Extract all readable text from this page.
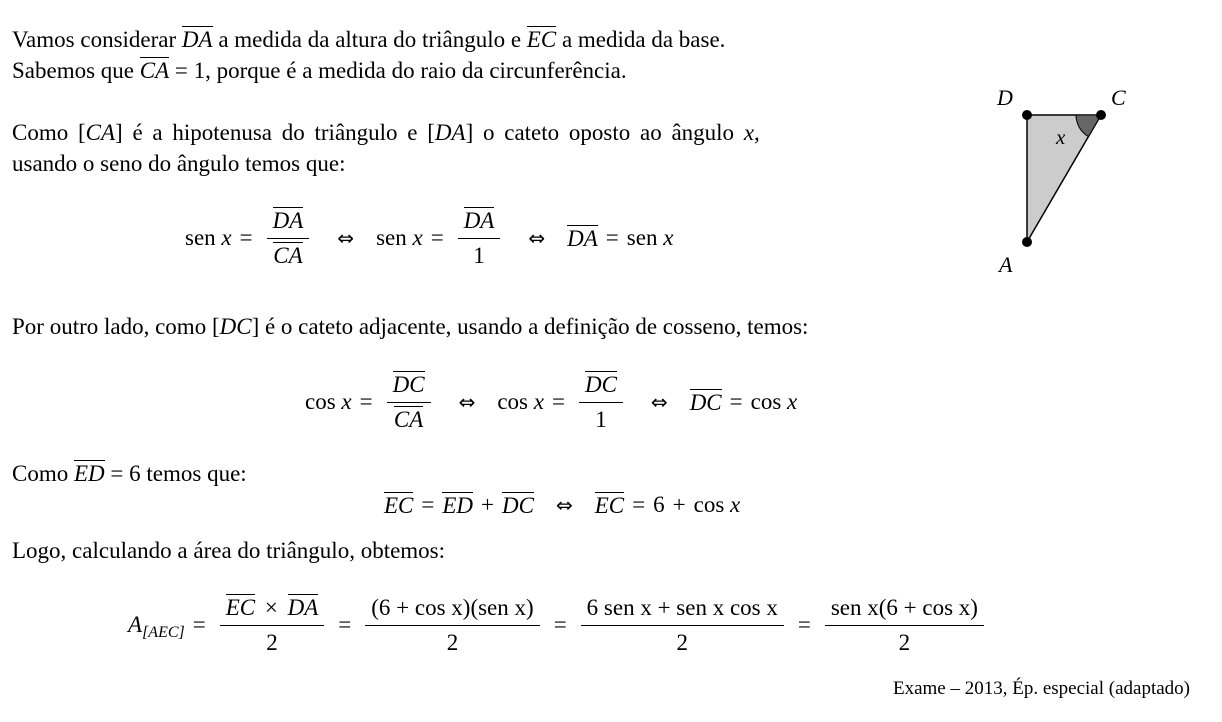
Vamos considerar DA a medida da altura do triângulo e EC a medida da base.
Sabemos que CA = 1, porque é a medida do raio da circunferência.
Como [CA] é a hipotenusa do triângulo e [DA] o cateto oposto ao ângulo x,
usando o seno do ângulo temos que:
sen
$x = \frac{DA}{CA}$ ⇔ sen
$x = \frac{DA}{1}$ ⇔ DA = sen
x
Por outro lado, como [DC] é o cateto adjacente, usando a definição de cosseno, temos:
cos
$x = \frac{DC}{CA}$ ⇔ cos
$x = \frac{DC}{1}$ ⇔ DC = cos
x
Como ED = 6 temos que:
EC = ED + DC ⇔ EC = 6 + cos
x
Logo, calculando a área do triângulo, obtemos:
A $[AEC] = \frac{EC \times DA}{2} = \frac{\text{(6 + cos x)(sen x)}}{2} = \frac{\text{6 sen x + sen x cos x}}{2} = \frac{\text{sen x(6 + cos x)}}{2}$
D	C
A
x
Exame – 2013, Ép. especial (adaptado)
